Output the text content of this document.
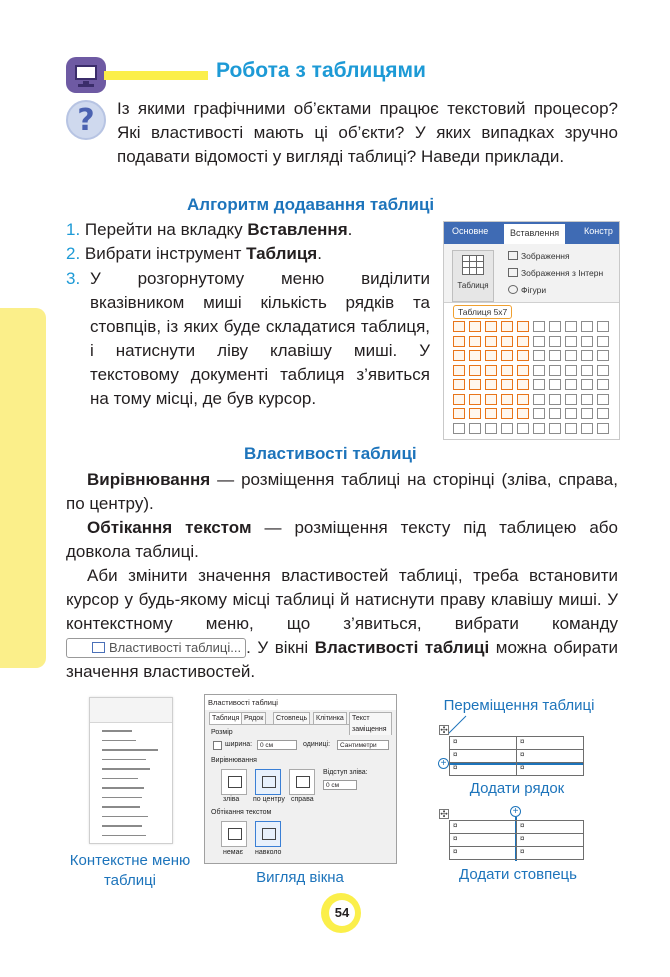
Робота з таблицями
?	Із якими графічними об’єктами працює текстовий процесор? Які властивості мають ці об’єкти? У яких випадках зручно подавати відомості у вигляді таблиці? Наведи приклади.
Алгоритм додавання таблиці
1. Перейти на вкладку Вставлення.
2. Вибрати інструмент Таблиця.
3. У розгорнутому меню виділити вказівником миші кількість рядків та стовпців, із яких буде складатися таблиця, і натиснути ліву клавішу миші. У текстовому документі таблиця з’явиться на тому місці, де був курсор.
Основне	Вставлення	Констр
Таблиця
Зображення
Зображення з Інтерн
Фігури
Таблиця 5x7
Властивості таблиці
Вирівнювання — розміщення таблиці на сторінці (зліва, справа, по центру).
Обтікання текстом — розміщення тексту під таблицею або довкола таблиці.
Аби змінити значення властивостей таблиці, треба встановити курсор у будь-якому місці таблиці й натиснути праву клавішу миші. У контекстному меню, що з’явиться, вибрати команду Властивості таблиці... . У вікні Властивості таблиці можна обирати значення властивостей.
Контекстне меню таблиці
Властивості таблиці
Таблиця Рядок	Стовпець	Клітинка	Текст заміщення
Розмір
ширина:	0 см	одиниці:	Сантиметри
Вирівнювання
зліва по центру справа
Відступ зліва:
0 см
Обтікання текстом
немає навколо
Вигляд вікна
Переміщення таблиці
✣
+
¤	¤
¤	¤
¤	¤
Додати рядок
✣	+
¤	¤
¤	¤
¤	¤
Додати стовпець
54
